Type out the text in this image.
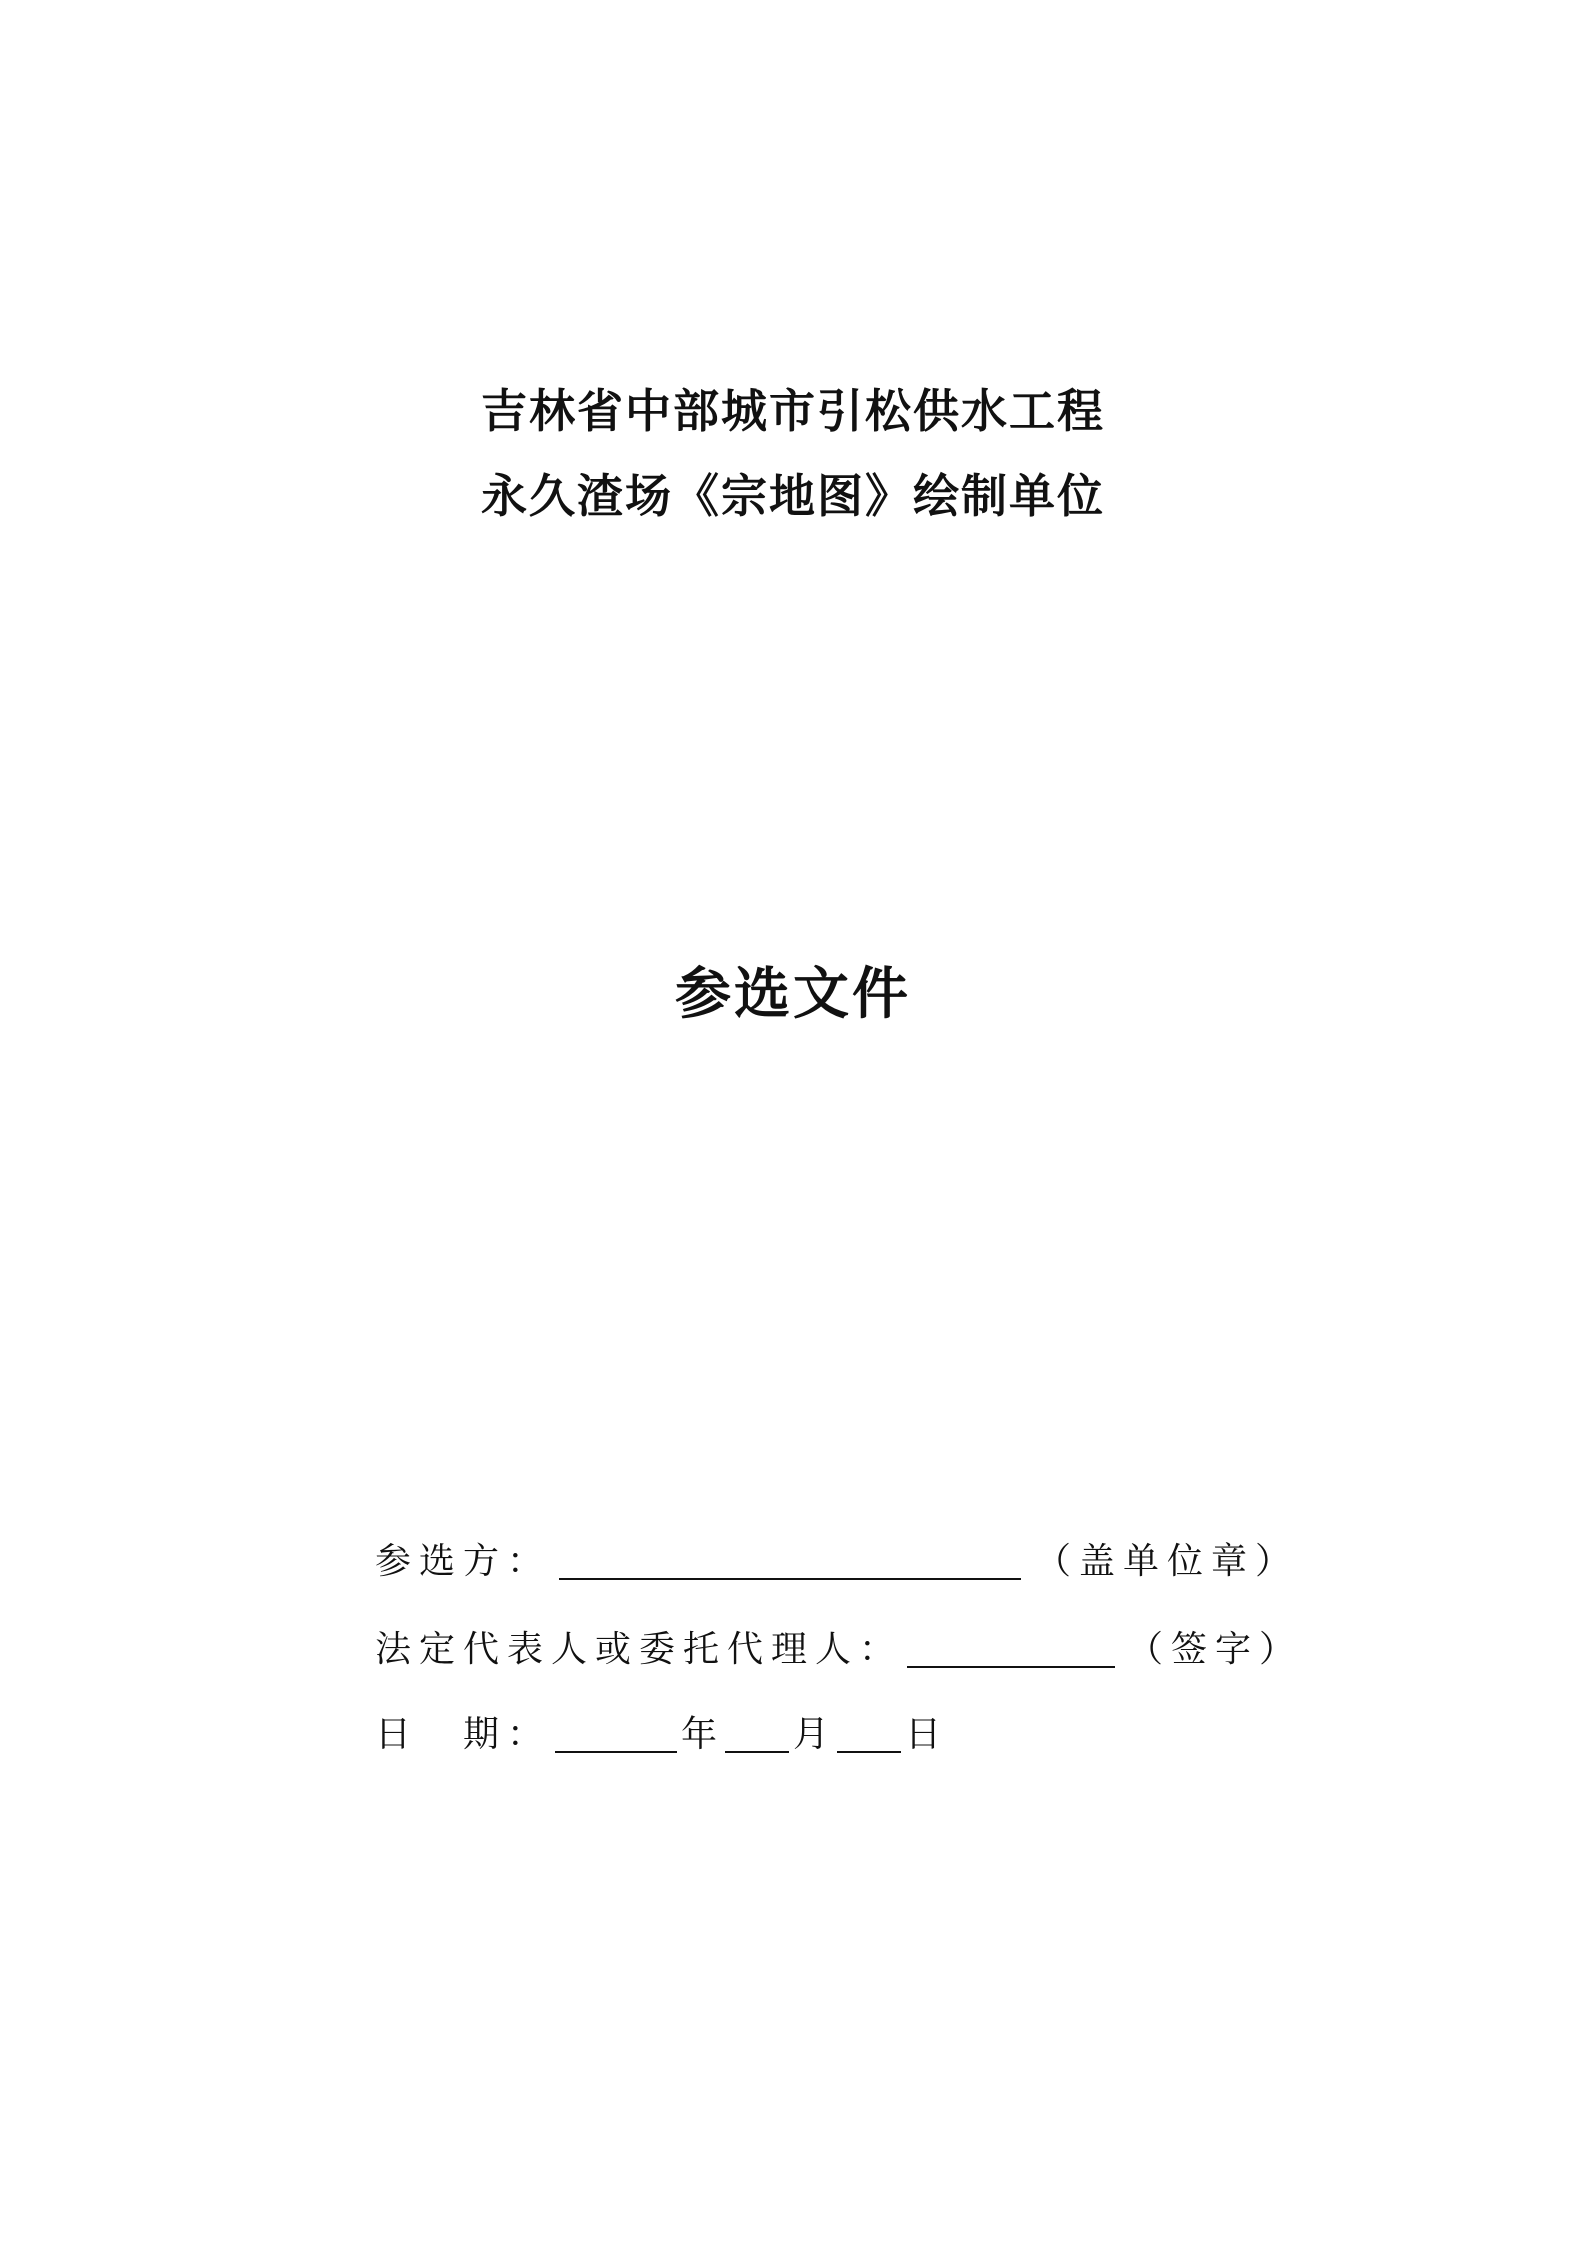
吉林省中部城市引松供水工程
永久渣场《宗地图》绘制单位
参选文件
参选方：	（盖单位章）
法定代表人或委托代理人：	（签字）
日 期：	年 月 日
